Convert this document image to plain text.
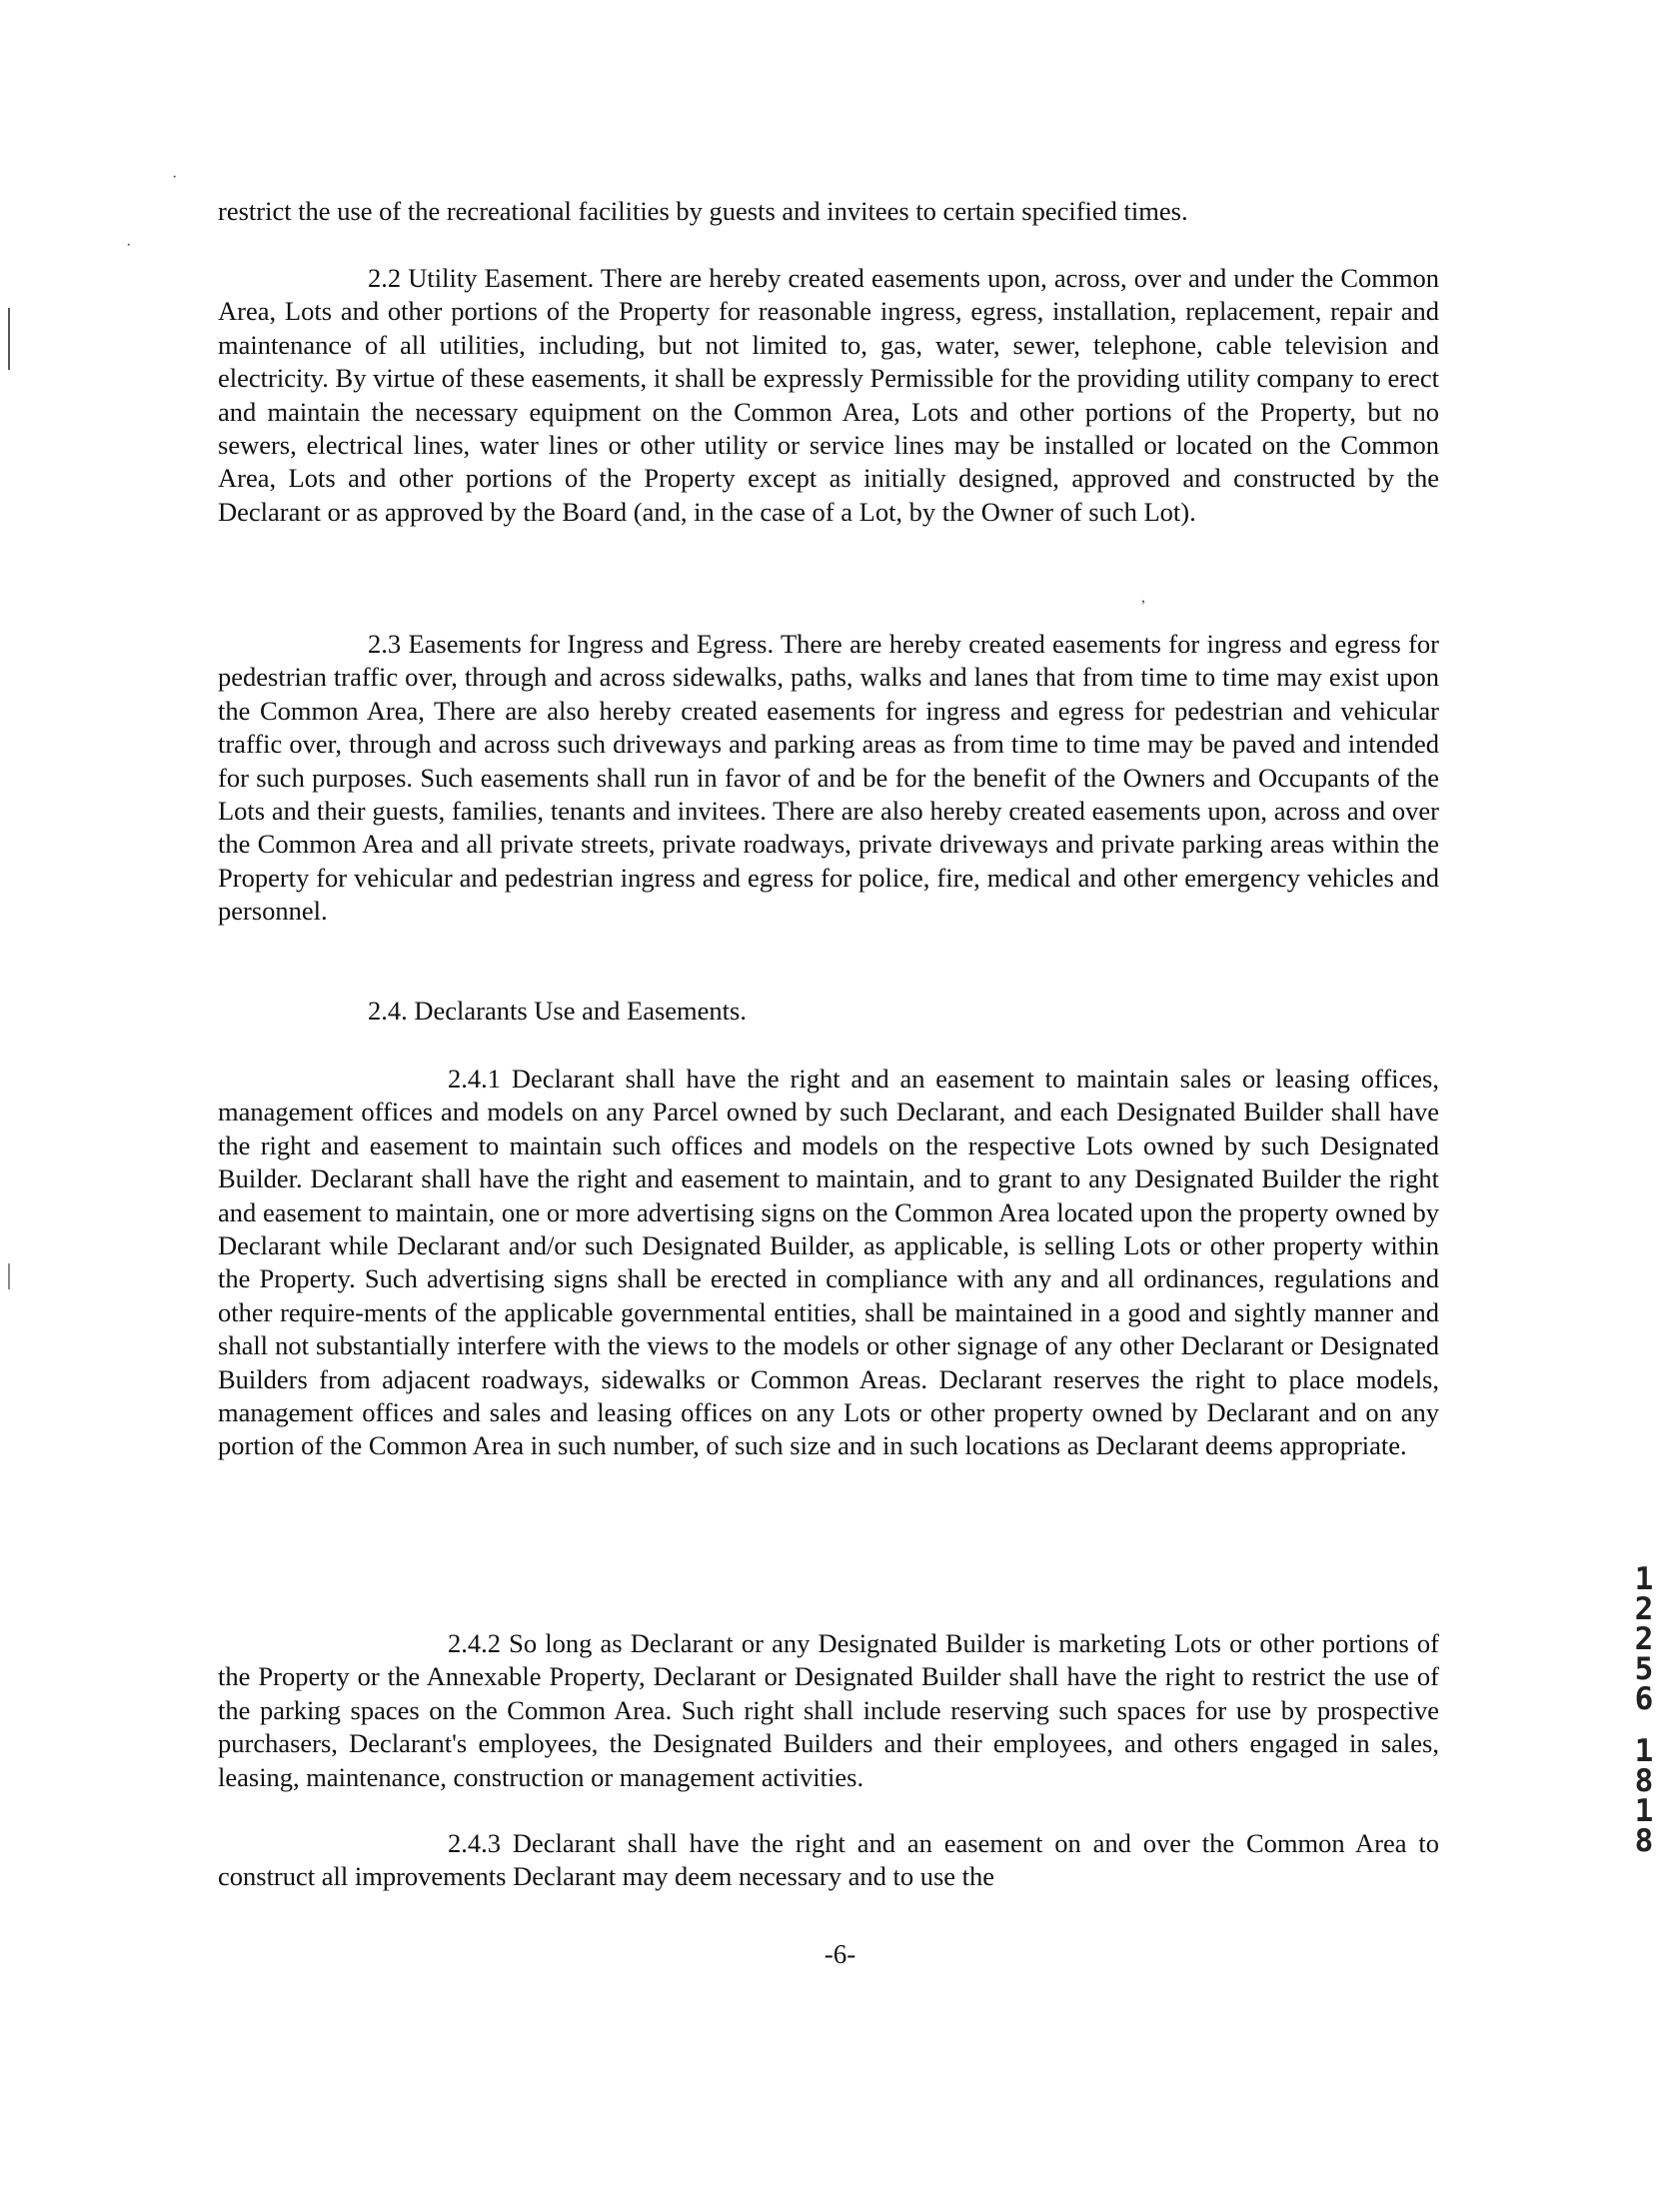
·
·
,

restrict the use of the recreational facilities by guests and invitees to certain specified times.

2.2 Utility Easement. There are hereby created easements upon, across, over and under the Common Area, Lots and other portions of the Property for reasonable ingress, egress, installation, replacement, repair and maintenance of all utilities, including, but not limited to, gas, water, sewer, telephone, cable television and electricity. By virtue of these easements, it shall be expressly Permissible for the providing utility company to erect and maintain the necessary equipment on the Common Area, Lots and other portions of the Property, but no sewers, electrical lines, water lines or other utility or service lines may be installed or located on the Common Area, Lots and other portions of the Property except as initially designed, approved and constructed by the Declarant or as approved by the Board (and, in the case of a Lot, by the Owner of such Lot).

2.3 Easements for Ingress and Egress. There are hereby created easements for ingress and egress for pedestrian traffic over, through and across sidewalks, paths, walks and lanes that from time to time may exist upon the Common Area, There are also hereby created easements for ingress and egress for pedestrian and vehicular traffic over, through and across such driveways and parking areas as from time to time may be paved and intended for such purposes. Such easements shall run in favor of and be for the benefit of the Owners and Occupants of the Lots and their guests, families, tenants and invitees. There are also hereby created easements upon, across and over the Common Area and all private streets, private roadways, private driveways and private parking areas within the Property for vehicular and pedestrian ingress and egress for police, fire, medical and other emergency vehicles and personnel.

2.4. Declarants Use and Easements.

2.4.1 Declarant shall have the right and an easement to maintain sales or leasing offices, management offices and models on any Parcel owned by such Declarant, and each Designated Builder shall have the right and easement to maintain such offices and models on the respective Lots owned by such Designated Builder. Declarant shall have the right and easement to maintain, and to grant to any Designated Builder the right and easement to maintain, one or more advertising signs on the Common Area located upon the property owned by Declarant while Declarant and/or such Designated Builder, as applicable, is selling Lots or other property within the Property. Such advertising signs shall be erected in compliance with any and all ordinances, regulations and other require-ments of the applicable governmental entities, shall be maintained in a good and sightly manner and shall not substantially interfere with the views to the models or other signage of any other Declarant or Designated Builders from adjacent roadways, sidewalks or Common Areas. Declarant reserves the right to place models, management offices and sales and leasing offices on any Lots or other property owned by Declarant and on any portion of the Common Area in such number, of such size and in such locations as Declarant deems appropriate.

2.4.2 So long as Declarant or any Designated Builder is marketing Lots or other portions of the Property or the Annexable Property, Declarant or Designated Builder shall have the right to restrict the use of the parking spaces on the Common Area. Such right shall include reserving such spaces for use by prospective purchasers, Declarant's employees, the Designated Builders and their employees, and others engaged in sales, leasing, maintenance, construction or management activities.

2.4.3 Declarant shall have the right and an easement on and over the Common Area to construct all improvements Declarant may deem necessary and to use the

-6-
1
2
2
5
6
1
8
1
8
